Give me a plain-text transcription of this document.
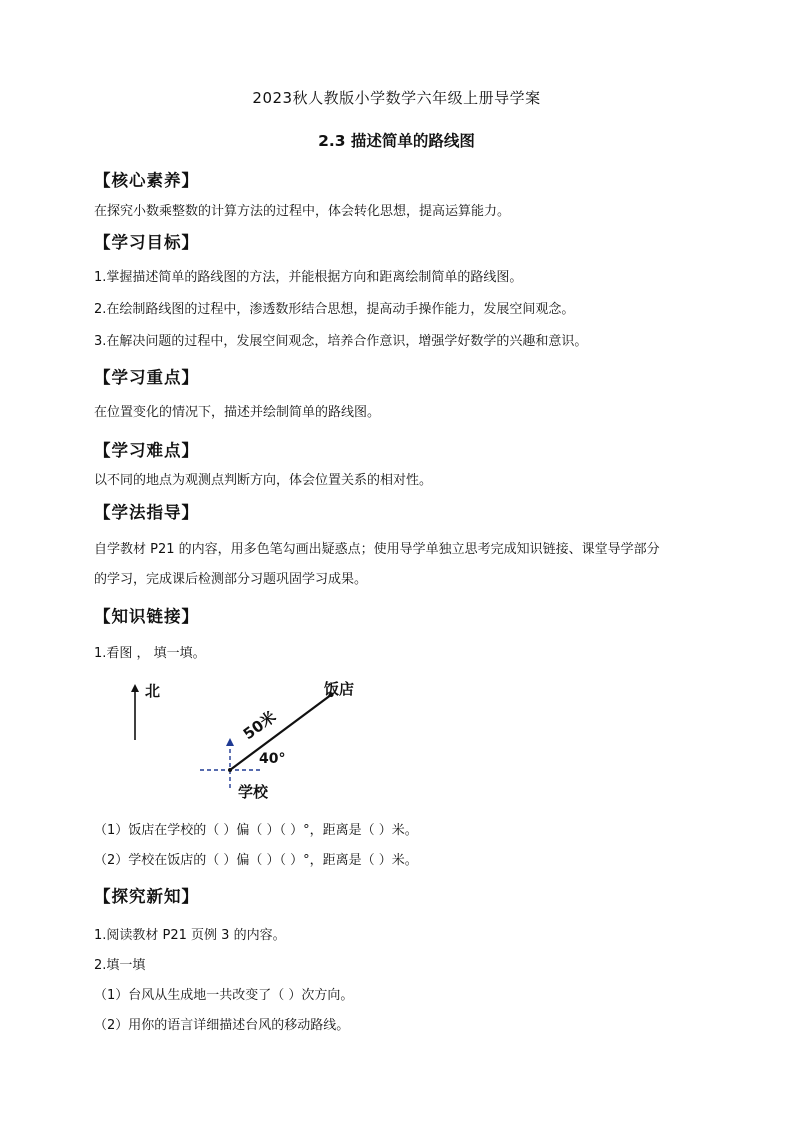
2023秋人教版小学数学六年级上册导学案
2.3 描述简单的路线图
【核心素养】
在探究小数乘整数的计算方法的过程中，体会转化思想，提高运算能力。
【学习目标】
1.掌握描述简单的路线图的方法，并能根据方向和距离绘制简单的路线图。
2.在绘制路线图的过程中，渗透数形结合思想，提高动手操作能力，发展空间观念。
3.在解决问题的过程中，发展空间观念，培养合作意识，增强学好数学的兴趣和意识。
【学习重点】
在位置变化的情况下，描述并绘制简单的路线图。
【学习难点】
以不同的地点为观测点判断方向，体会位置关系的相对性。
【学法指导】
自学教材 P21 的内容，用多色笔勾画出疑惑点；使用导学单独立思考完成知识链接、课堂导学部分
的学习，完成课后检测部分习题巩固学习成果。
【知识链接】
1.看图 ， 填一填。
北	饭店
学校
50米
40°
（1）饭店在学校的（ ）偏（ ）（ ）°，距离是（ ）米。
（2）学校在饭店的（ ）偏（ ）（ ）°，距离是（ ）米。
【探究新知】
1.阅读教材 P21 页例 3 的内容。
2.填一填
（1）台风从生成地一共改变了（ ）次方向。
（2）用你的语言详细描述台风的移动路线。
